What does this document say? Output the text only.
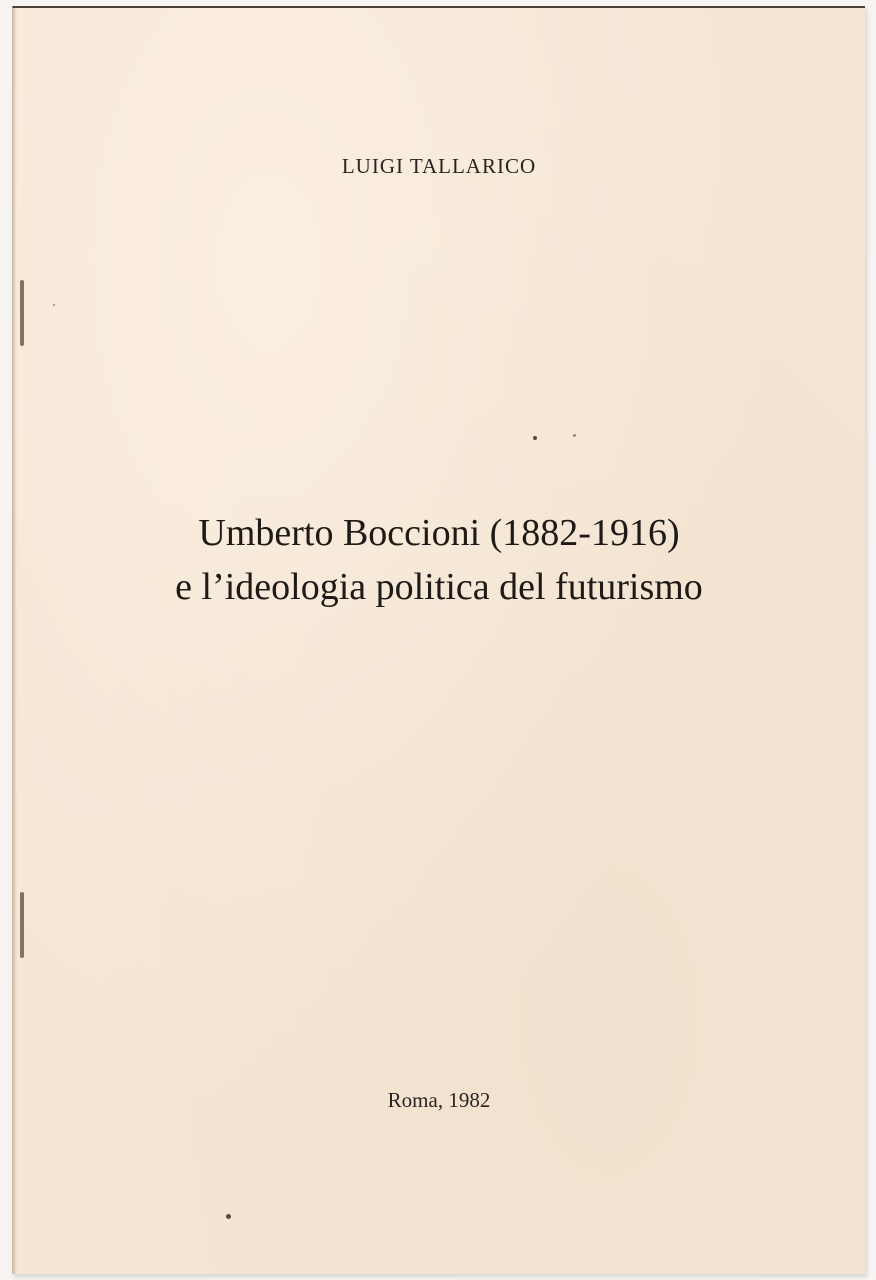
LUIGI TALLARICO
Umberto Boccioni (1882-1916)
e l’ideologia politica del futurismo
Roma, 1982
